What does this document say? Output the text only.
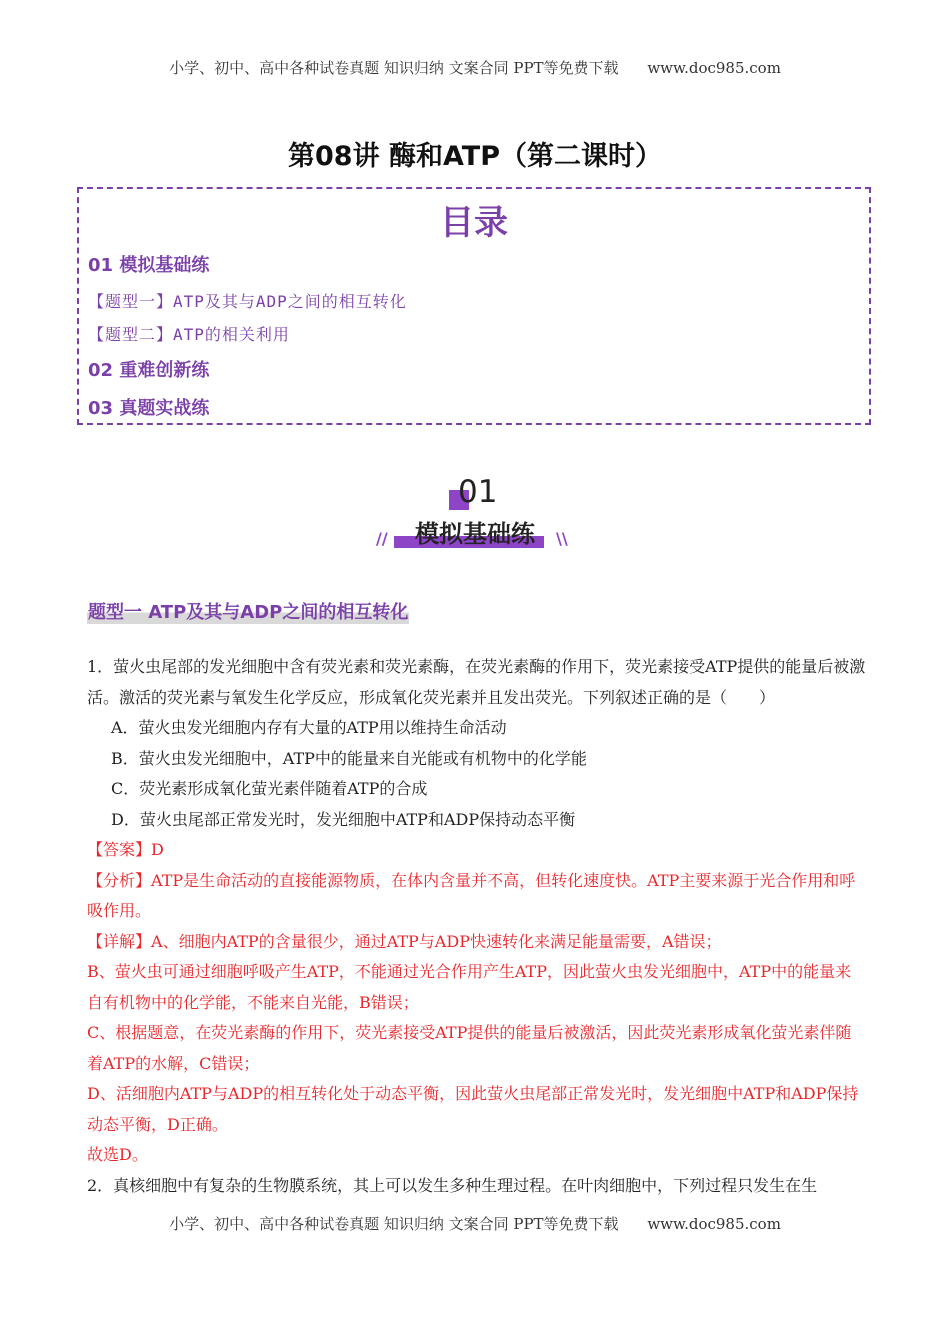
小学、初中、高中各种试卷真题 知识归纳 文案合同 PPT等免费下载 www.doc985.com
第08讲 酶和ATP（第二课时）
目录
01 模拟基础练
【题型一】ATP及其与ADP之间的相互转化
【题型二】ATP的相关利用
02 重难创新练
03 真题实战练
01
模拟基础练
//	\\
题型一 ATP及其与ADP之间的相互转化

1．萤火虫尾部的发光细胞中含有荧光素和荧光素酶，在荧光素酶的作用下，荧光素接受ATP提供的能量后被激活。激活的荧光素与氧发生化学反应，形成氧化荧光素并且发出荧光。下列叙述正确的是（　　）

A．萤火虫发光细胞内存有大量的ATP用以维持生命活动

B．萤火虫发光细胞中，ATP中的能量来自光能或有机物中的化学能

C．荧光素形成氧化萤光素伴随着ATP的合成

D．萤火虫尾部正常发光时，发光细胞中ATP和ADP保持动态平衡

【答案】D

【分析】ATP是生命活动的直接能源物质，在体内含量并不高，但转化速度快。ATP主要来源于光合作用和呼吸作用。

【详解】A、细胞内ATP的含量很少，通过ATP与ADP快速转化来满足能量需要，A错误；

B、萤火虫可通过细胞呼吸产生ATP，不能通过光合作用产生ATP，因此萤火虫发光细胞中，ATP中的能量来自有机物中的化学能，不能来自光能，B错误；

C、根据题意，在荧光素酶的作用下，荧光素接受ATP提供的能量后被激活，因此荧光素形成氧化萤光素伴随着ATP的水解，C错误；

D、活细胞内ATP与ADP的相互转化处于动态平衡，因此萤火虫尾部正常发光时，发光细胞中ATP和ADP保持动态平衡，D正确。

故选D。

2．真核细胞中有复杂的生物膜系统，其上可以发生多种生理过程。在叶肉细胞中，下列过程只发生在生

小学、初中、高中各种试卷真题 知识归纳 文案合同 PPT等免费下载 www.doc985.com
